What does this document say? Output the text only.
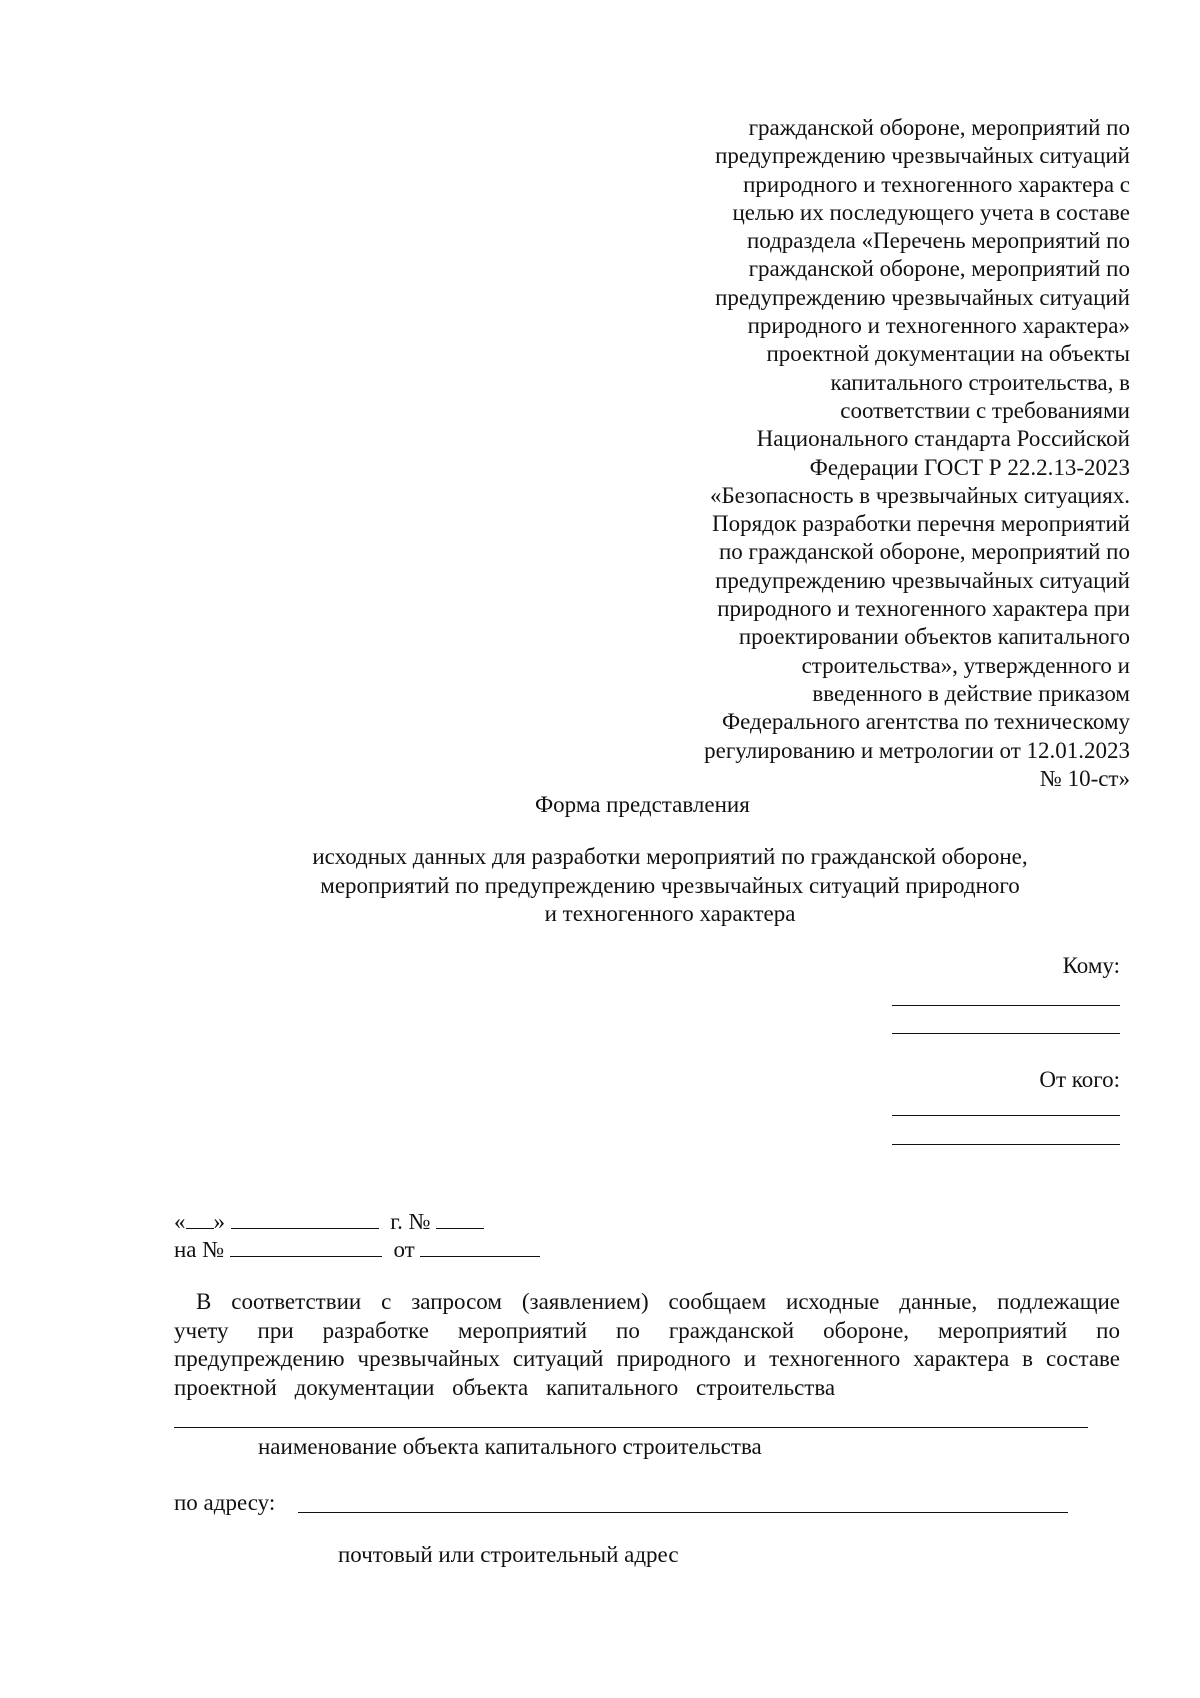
гражданской обороне, мероприятий по
предупреждению чрезвычайных ситуаций
природного и техногенного характера с
целью их последующего учета в составе
подраздела «Перечень мероприятий по
гражданской обороне, мероприятий по
предупреждению чрезвычайных ситуаций
природного и техногенного характера»
проектной документации на объекты
капитального строительства, в
соответствии с требованиями
Национального стандарта Российской
Федерации ГОСТ Р 22.2.13-2023
«Безопасность в чрезвычайных ситуациях.
Порядок разработки перечня мероприятий
по гражданской обороне, мероприятий по
предупреждению чрезвычайных ситуаций
природного и техногенного характера при
проектировании объектов капитального
строительства», утвержденного и
введенного в действие приказом
Федерального агентства по техническому
регулированию и метрологии от 12.01.2023
№ 10-ст»
Форма представления
исходных данных для разработки мероприятий по гражданской обороне,
мероприятий по предупреждению чрезвычайных ситуаций природного
и техногенного характера
Кому:
От кого:
« »	г. №
на №	от
В соответствии с запросом (заявлением) сообщаем исходные данные, подлежащие
учету при разработке мероприятий по гражданской обороне, мероприятий по
предупреждению чрезвычайных ситуаций природного и техногенного характера в составе
проектной документации объекта капитального строительства
наименование объекта капитального строительства
по адресу:
почтовый или строительный адрес
